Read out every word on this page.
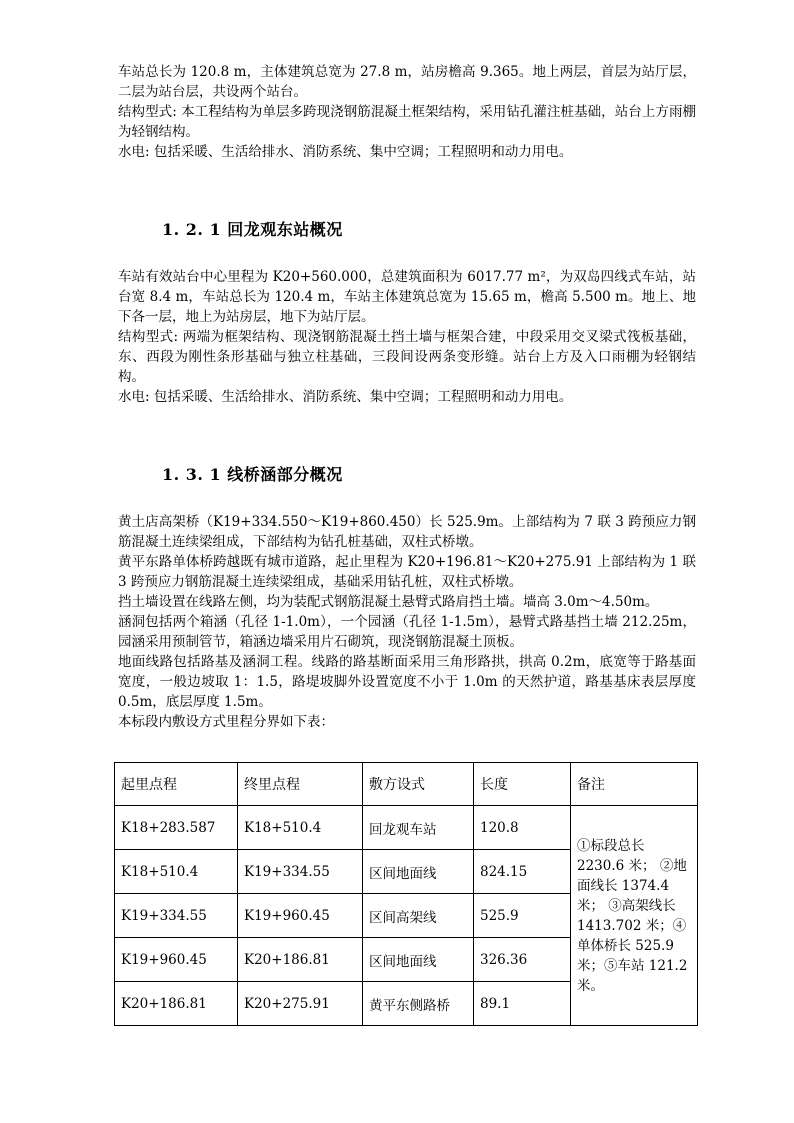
车站总长为 120.8 m，主体建筑总宽为 27.8 m，站房檐高 9.365。地上两层，首层为站厅层，二层为站台层，共设两个站台。

结构型式: 本工程结构为单层多跨现浇钢筋混凝土框架结构，采用钻孔灌注桩基础，站台上方雨棚为轻钢结构。

水电: 包括采暖、生活给排水、消防系统、集中空调；工程照明和动力用电。

1. 2. 1 回龙观东站概况

车站有效站台中心里程为 K20+560.000，总建筑面积为 6017.77 m²，为双岛四线式车站，站台宽 8.4 m，车站总长为 120.4 m，车站主体建筑总宽为 15.65 m，檐高 5.500 m。地上、地下各一层，地上为站房层，地下为站厅层。

结构型式: 两端为框架结构、现浇钢筋混凝土挡土墙与框架合建，中段采用交叉梁式筏板基础，东、西段为刚性条形基础与独立柱基础，三段间设两条变形缝。站台上方及入口雨棚为轻钢结构。

水电: 包括采暖、生活给排水、消防系统、集中空调；工程照明和动力用电。

1. 3. 1 线桥涵部分概况

黄土店高架桥（K19+334.550～K19+860.450）长 525.9m。上部结构为 7 联 3 跨预应力钢筋混凝土连续梁组成，下部结构为钻孔桩基础，双柱式桥墩。

黄平东路单体桥跨越既有城市道路，起止里程为 K20+196.81～K20+275.91 上部结构为 1 联 3 跨预应力钢筋混凝土连续梁组成，基础采用钻孔桩，双柱式桥墩。

挡土墙设置在线路左侧，均为装配式钢筋混凝土悬臂式路肩挡土墙。墙高 3.0m～4.50m。

涵洞包括两个箱涵（孔径 1-1.0m），一个园涵（孔径 1-1.5m），悬臂式路基挡土墙 212.25m，园涵采用预制管节，箱涵边墙采用片石砌筑，现浇钢筋混凝土顶板。

地面线路包括路基及涵洞工程。线路的路基断面采用三角形路拱，拱高 0.2m，底宽等于路基面宽度，一般边坡取 1：1.5，路堤坡脚外设置宽度不小于 1.0m 的天然护道，路基基床表层厚度 0.5m，底层厚度 1.5m。

本标段内敷设方式里程分界如下表：

起里点程	终里点程	敷方设式	长度	备注
K18+283.587	K18+510.4	回龙观车站	120.8	①标段总长 2230.6 米； ②地面线长 1374.4 米； ③高架线长 1413.702 米；④单体桥长 525.9 米；⑤车站 121.2 米。
K18+510.4	K19+334.55	区间地面线	824.15	
K19+334.55	K19+960.45	区间高架线	525.9	
K19+960.45	K20+186.81	区间地面线	326.36	
K20+186.81	K20+275.91	黄平东侧路桥	89.1	
